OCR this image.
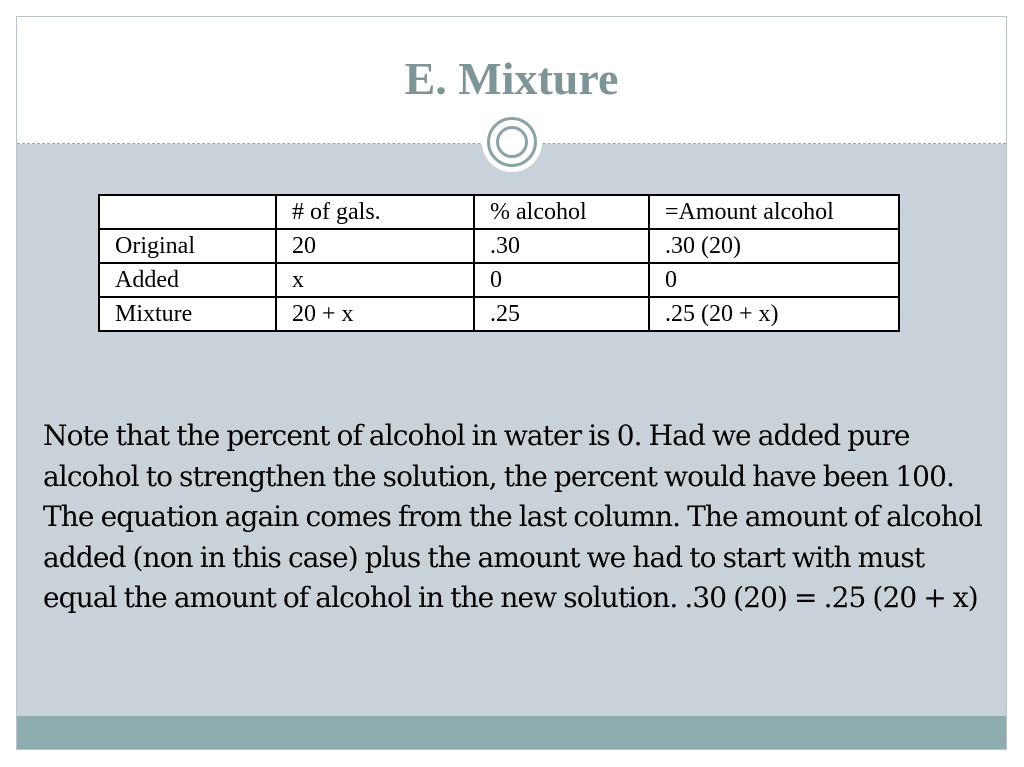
E. Mixture
	# of gals.	% alcohol	=Amount alcohol
Original	20	.30	.30 (20)
Added	x	0	0
Mixture	20 + x	.25	.25 (20 + x)

Note that the percent of alcohol in water is 0. Had we added pure alcohol to strengthen the solution, the percent would have been 100. The equation again comes from the last column. The amount of alcohol added (non in this case) plus the amount we had to start with must equal the amount of alcohol in the new solution. .30 (20) = .25 (20 + x)
